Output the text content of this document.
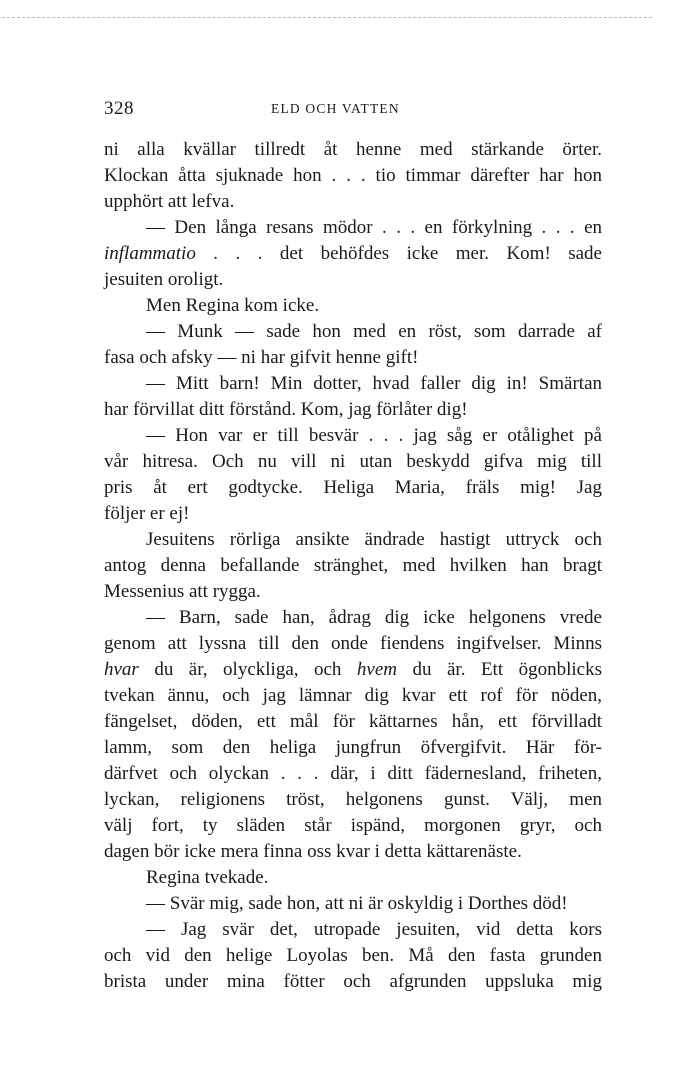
328	ELD OCH VATTEN
ni alla kvällar tillredt åt henne med stärkande örter.
Klockan åtta sjuknade hon . . . tio timmar därefter har hon
upphört att lefva.
— Den långa resans mödor . . . en förkylning . . . en
inflammatio . . . det behöfdes icke mer. Kom! sade
jesuiten oroligt.
Men Regina kom icke.
— Munk — sade hon med en röst, som darrade af
fasa och afsky — ni har gifvit henne gift!
— Mitt barn! Min dotter, hvad faller dig in! Smärtan
har förvillat ditt förstånd. Kom, jag förlåter dig!
— Hon var er till besvär . . . jag såg er otålighet på
vår hitresa. Och nu vill ni utan beskydd gifva mig till
pris åt ert godtycke. Heliga Maria, fräls mig! Jag
följer er ej!
Jesuitens rörliga ansikte ändrade hastigt uttryck och
antog denna befallande stränghet, med hvilken han bragt
Messenius att rygga.
— Barn, sade han, ådrag dig icke helgonens vrede
genom att lyssna till den onde fiendens ingifvelser. Minns
hvar du är, olyckliga, och hvem du är. Ett ögonblicks
tvekan ännu, och jag lämnar dig kvar ett rof för nöden,
fängelset, döden, ett mål för kättarnes hån, ett förvilladt
lamm, som den heliga jungfrun öfvergifvit. Här för-
därfvet och olyckan . . . där, i ditt fädernesland, friheten,
lyckan, religionens tröst, helgonens gunst. Välj, men
välj fort, ty släden står ispänd, morgonen gryr, och
dagen bör icke mera finna oss kvar i detta kättarenäste.
Regina tvekade.
— Svär mig, sade hon, att ni är oskyldig i Dorthes död!
— Jag svär det, utropade jesuiten, vid detta kors
och vid den helige Loyolas ben. Må den fasta grunden
brista under mina fötter och afgrunden uppsluka mig
